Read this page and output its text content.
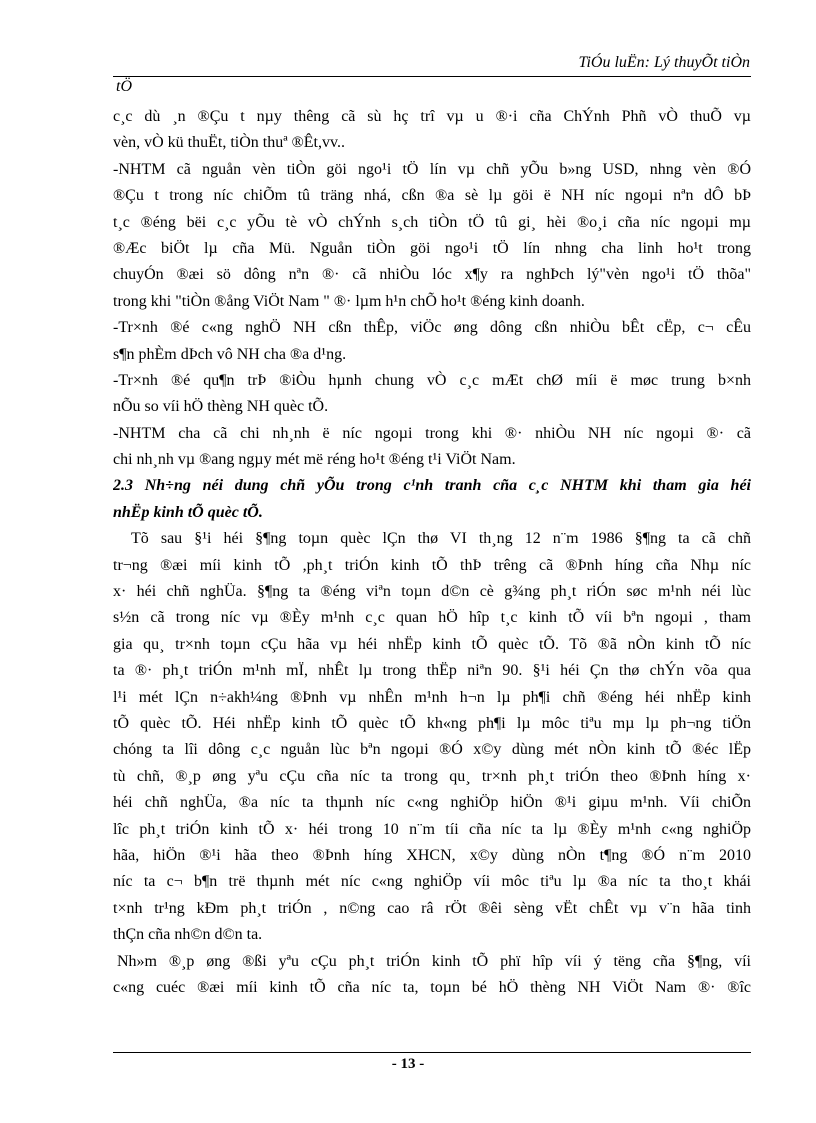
TiÓu luËn: Lý thuyÕt tiÒn
tÖ
c¸c dù ¸n ®Çu t nµy thêng cã sù hç trî vµ u ®·i cña ChÝnh Phñ vÒ thuÕ vµ
vèn, vÒ kü thuËt, tiÒn thuª ®Êt,vv..
-NHTM cã nguån vèn tiÒn göi ngo¹i tÖ lín vµ chñ yÕu b»ng USD, nhng vèn ®Ó
®Çu t trong níc chiÕm tû träng nhá, cßn ®a sè lµ göi ë NH níc ngoµi nªn dÔ bÞ
t¸c ®éng bëi c¸c yÕu tè vÒ chÝnh s¸ch tiÒn tÖ tû gi¸ hèi ®o¸i cña níc ngoµi mµ
®Æc biÖt lµ cña Mü. Nguån tiÒn göi ngo¹i tÖ lín nhng cha linh ho¹t trong
chuyÓn ®æi sö dông nªn ®· cã nhiÒu lóc x¶y ra nghÞch lý"vèn ngo¹i tÖ thõa"
trong khi "tiÒn ®ång ViÖt Nam " ®· lµm h¹n chÕ ho¹t ®éng kinh doanh.
-Tr×nh ®é c«ng nghÖ NH cßn thÊp, viÖc øng dông cßn nhiÒu bÊt cËp, c¬ cÊu
s¶n phÈm dÞch vô NH cha ®a d¹ng.
-Tr×nh ®é qu¶n trÞ ®iÒu hµnh chung vÒ c¸c mÆt chØ míi ë møc trung b×nh
nÕu so víi hÖ thèng NH quèc tÕ.
-NHTM cha cã chi nh¸nh ë níc ngoµi trong khi ®· nhiÒu NH níc ngoµi ®· cã
chi nh¸nh vµ ®ang ngµy mét më réng ho¹t ®éng t¹i ViÖt Nam.
2.3 Nh÷ng néi dung chñ yÕu trong c¹nh tranh cña c¸c NHTM khi tham gia héi
nhËp kinh tÕ quèc tÕ.
Tõ sau §¹i héi §¶ng toµn quèc lÇn thø VI th¸ng 12 n¨m 1986 §¶ng ta cã chñ
tr¬ng ®æi míi kinh tÕ ,ph¸t triÓn kinh tÕ thÞ trêng cã ®Þnh híng cña Nhµ níc
x· héi chñ nghÜa. §¶ng ta ®éng viªn toµn d©n cè g¾ng ph¸t riÓn søc m¹nh néi lùc
s½n cã trong níc vµ ®Èy m¹nh c¸c quan hÖ hîp t¸c kinh tÕ víi bªn ngoµi , tham
gia qu¸ tr×nh toµn cÇu hãa vµ héi nhËp kinh tÕ quèc tÕ. Tõ ®ã nÒn kinh tÕ níc
ta ®· ph¸t triÓn m¹nh mÏ, nhÊt lµ trong thËp niªn 90. §¹i héi Çn thø chÝn võa qua
l¹i mét lÇn n÷akh¼ng ®Þnh vµ nhÊn m¹nh h¬n lµ ph¶i chñ ®éng héi nhËp kinh
tÕ quèc tÕ. Héi nhËp kinh tÕ quèc tÕ kh«ng ph¶i lµ môc tiªu mµ lµ ph¬ng tiÖn
chóng ta lîi dông c¸c nguån lùc bªn ngoµi ®Ó x©y dùng mét nÒn kinh tÕ ®éc lËp
tù chñ, ®¸p øng yªu cÇu cña níc ta trong qu¸ tr×nh ph¸t triÓn theo ®Þnh híng x·
héi chñ nghÜa, ®a níc ta thµnh níc c«ng nghiÖp hiÖn ®¹i giµu m¹nh. Víi chiÕn
lîc ph¸t triÓn kinh tÕ x· héi trong 10 n¨m tíi cña níc ta lµ ®Èy m¹nh c«ng nghiÖp
hãa, hiÖn ®¹i hãa theo ®Þnh híng XHCN, x©y dùng nÒn t¶ng ®Ó n¨m 2010
níc ta c¬ b¶n trë thµnh mét níc c«ng nghiÖp víi môc tiªu lµ ®a níc ta tho¸t khái
t×nh tr¹ng kÐm ph¸t triÓn , n©ng cao râ rÖt ®êi sèng vËt chÊt vµ v¨n hãa tinh
thÇn cña nh©n d©n ta.
Nh»m ®¸p øng ®ßi yªu cÇu ph¸t triÓn kinh tÕ phï hîp víi ý tëng cña §¶ng, víi
c«ng cuéc ®æi míi kinh tÕ cña níc ta, toµn bé hÖ thèng NH ViÖt Nam ®· ®îc
- 13 -
